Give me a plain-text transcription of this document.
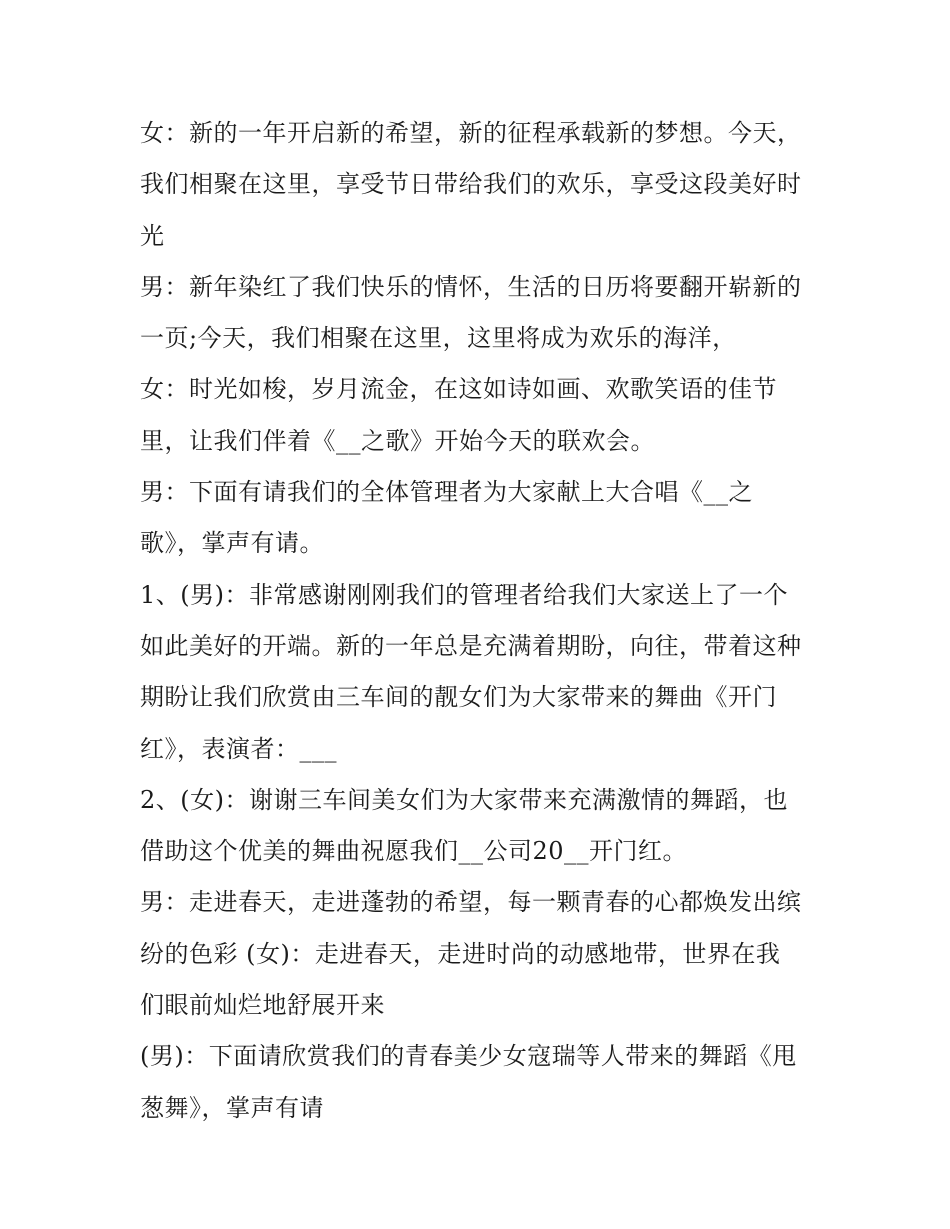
女：新的一年开启新的希望，新的征程承载新的梦想。今天，
我们相聚在这里，享受节日带给我们的欢乐，享受这段美好时
光
男：新年染红了我们快乐的情怀，生活的日历将要翻开崭新的
一页;今天，我们相聚在这里，这里将成为欢乐的海洋，
女：时光如梭，岁月流金，在这如诗如画、欢歌笑语的佳节
里，让我们伴着《__之歌》开始今天的联欢会。
男：下面有请我们的全体管理者为大家献上大合唱《__之
歌》，掌声有请。
1、(男)：非常感谢刚刚我们的管理者给我们大家送上了一个
如此美好的开端。新的一年总是充满着期盼，向往，带着这种
期盼让我们欣赏由三车间的靓女们为大家带来的舞曲《开门
红》，表演者：___
2、(女)：谢谢三车间美女们为大家带来充满激情的舞蹈，也
借助这个优美的舞曲祝愿我们__公司20__开门红。
男：走进春天，走进蓬勃的希望，每一颗青春的心都焕发出缤
纷的色彩 (女)：走进春天，走进时尚的动感地带，世界在我
们眼前灿烂地舒展开来
(男)：下面请欣赏我们的青春美少女寇瑞等人带来的舞蹈《甩
葱舞》，掌声有请
